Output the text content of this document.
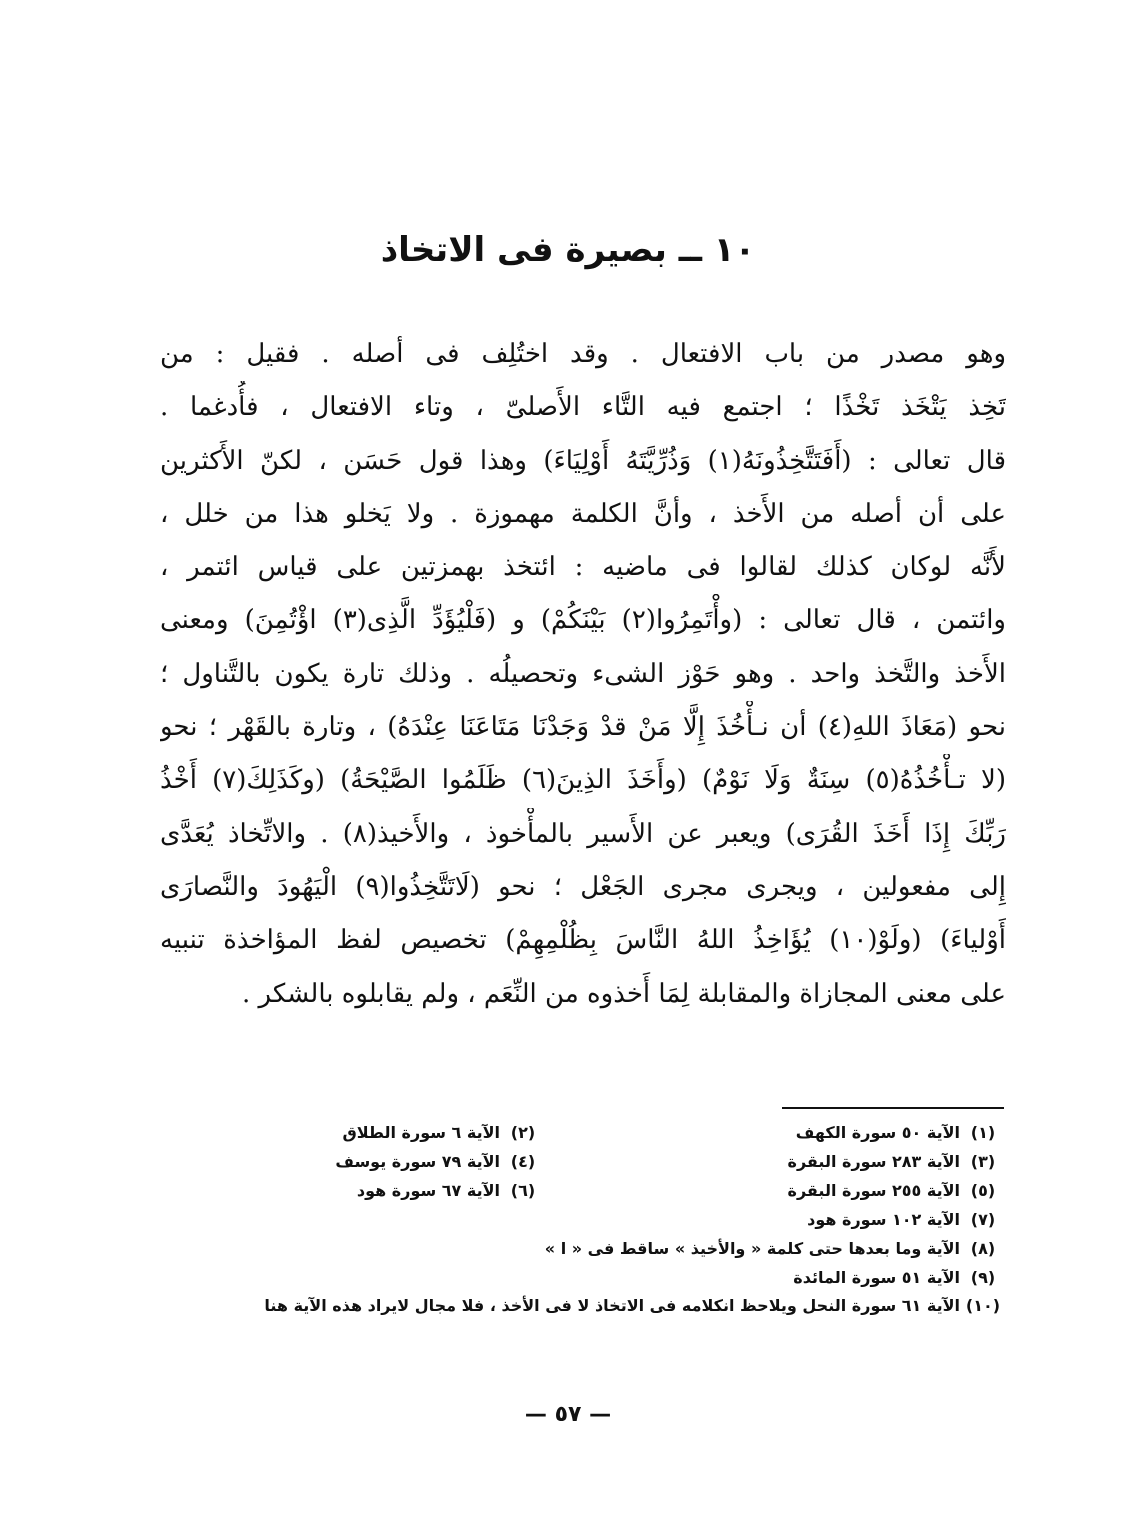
١٠ ــ بصيرة فى الاتخاذ
وهو مصدر من باب الافتعال . وقد اختُلِف فى أصله . فقيل : من
تَخِذ يَتْخَذ تَخْذًا ؛ اجتمع فيه التَّاء الأَصلىّ ، وتاء الافتعال ، فأُدغما .
قال تعالى : (أَفَتَتَّخِذُونَهُ(١) وَذُرِّيَّتَهُ أَوْلِيَاءَ) وهذا قول حَسَن ، لكنّ الأَكثرين
على أن أصله من الأَخذ ، وأنَّ الكلمة مهموزة . ولا يَخلو هذا من خلل ،
لأَنَّه لوكان كذلك لقالوا فى ماضيه : ائتخذ بهمزتين على قياس ائتمر ،
وائتمن ، قال تعالى : (وأْتَمِرُوا(٢) بَيْنَكُمْ) و (فَلْيُؤَدِّ الَّذِى(٣) اؤْتُمِنَ) ومعنى
الأَخذ والتَّخذ واحد . وهو حَوْز الشىء وتحصيلُه . وذلك تارة يكون بالتَّناول ؛
نحو (مَعَاذَ اللهِ(٤) أن نـأْخُذَ إِلَّا مَنْ قدْ وَجَدْنَا مَتَاعَنَا عِنْدَهُ) ، وتارة بالقَهْر ؛ نحو
(لا تـأْخُذُهُ(٥) سِنَةٌ وَلَا نَوْمٌ) (وأَخَذَ الذِينَ(٦) ظَلَمُوا الصَّيْحَةُ) (وكَذَلِكَ(٧) أَخْذُ
رَبِّكَ إِذَا أَخَذَ القُرَى) ويعبر عن الأَسير بالمأْخوذ ، والأَخيذ(٨) . والاتِّخاذ يُعَدَّى
إِلى مفعولين ، ويجرى مجرى الجَعْل ؛ نحو (لَاتَتَّخِذُوا(٩) الْيَهُودَ والنَّصارَى
أَوْلياءَ) (ولَوْ(١٠) يُؤَاخِذُ اللهُ النَّاسَ بِظُلْمِهِمْ) تخصيص لفظ المؤاخذة تنبيه
على معنى المجازاة والمقابلة لِمَا أَخذوه من النِّعَم ، ولم يقابلوه بالشكر .
(١)
الآية ٥٠ سورة الكهف
(٢)
الآية ٦ سورة الطلاق
(٣)
الآية ٢٨٣ سورة البقرة
(٤)
الآية ٧٩ سورة يوسف
(٥)
الآية ٢٥٥ سورة البقرة
(٦)
الآية ٦٧ سورة هود
(٧)
الآية ١٠٢ سورة هود
(٨)
الآية وما بعدها حتى كلمة « والأخيذ » ساقط فى « ا »
(٩)
الآية ٥١ سورة المائدة
(١٠)الآية ٦١ سورة النحل ويلاحظ انكلامه فى الاتخاذ لا فى الأخذ ، فلا مجال لايراد هذه الآية هنا
— ٥٧ —
